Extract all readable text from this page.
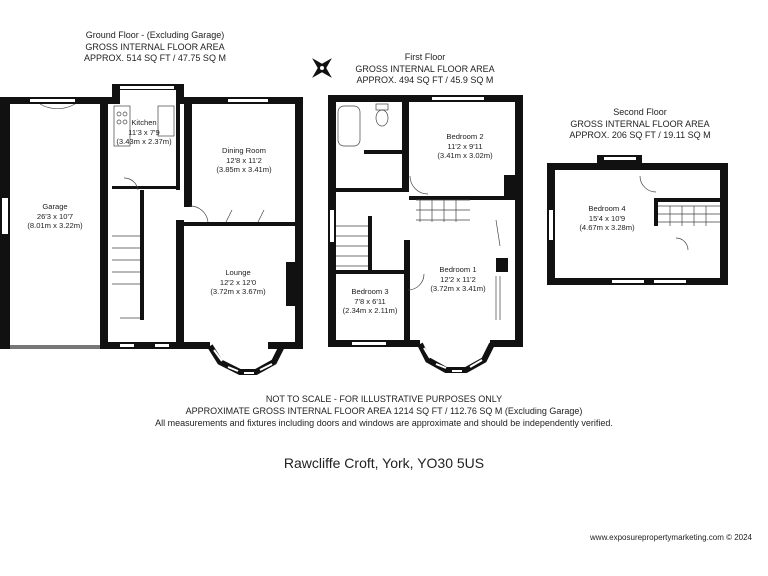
Ground Floor - (Excluding Garage)
GROSS INTERNAL FLOOR AREA
APPROX. 514 SQ FT / 47.75 SQ M	First Floor
GROSS INTERNAL FLOOR AREA
APPROX. 494 SQ FT / 45.9 SQ M
Second Floor
GROSS INTERNAL FLOOR AREA
APPROX. 206 SQ FT / 19.11 SQ M
Kitchen
11'3 x 7'9
(3.43m x 2.37m)
Dining Room
12'8 x 11'2
(3.85m x 3.41m)
Garage
26'3 x 10'7
(8.01m x 3.22m)
Lounge
12'2 x 12'0
(3.72m x 3.67m)
Bedroom 2
11'2 x 9'11
(3.41m x 3.02m)
Bedroom 1
12'2 x 11'2
(3.72m x 3.41m)
Bedroom 3
7'8 x 6'11
(2.34m x 2.11m)
Bedroom 4
15'4 x 10'9
(4.67m x 3.28m)
NOT TO SCALE - FOR ILLUSTRATIVE PURPOSES ONLY
APPROXIMATE GROSS INTERNAL FLOOR AREA 1214 SQ FT / 112.76 SQ M (Excluding Garage)
All measurements and fixtures including doors and windows are approximate and should be independently verified.
Rawcliffe Croft, York, YO30 5US
www.exposurepropertymarketing.com © 2024
